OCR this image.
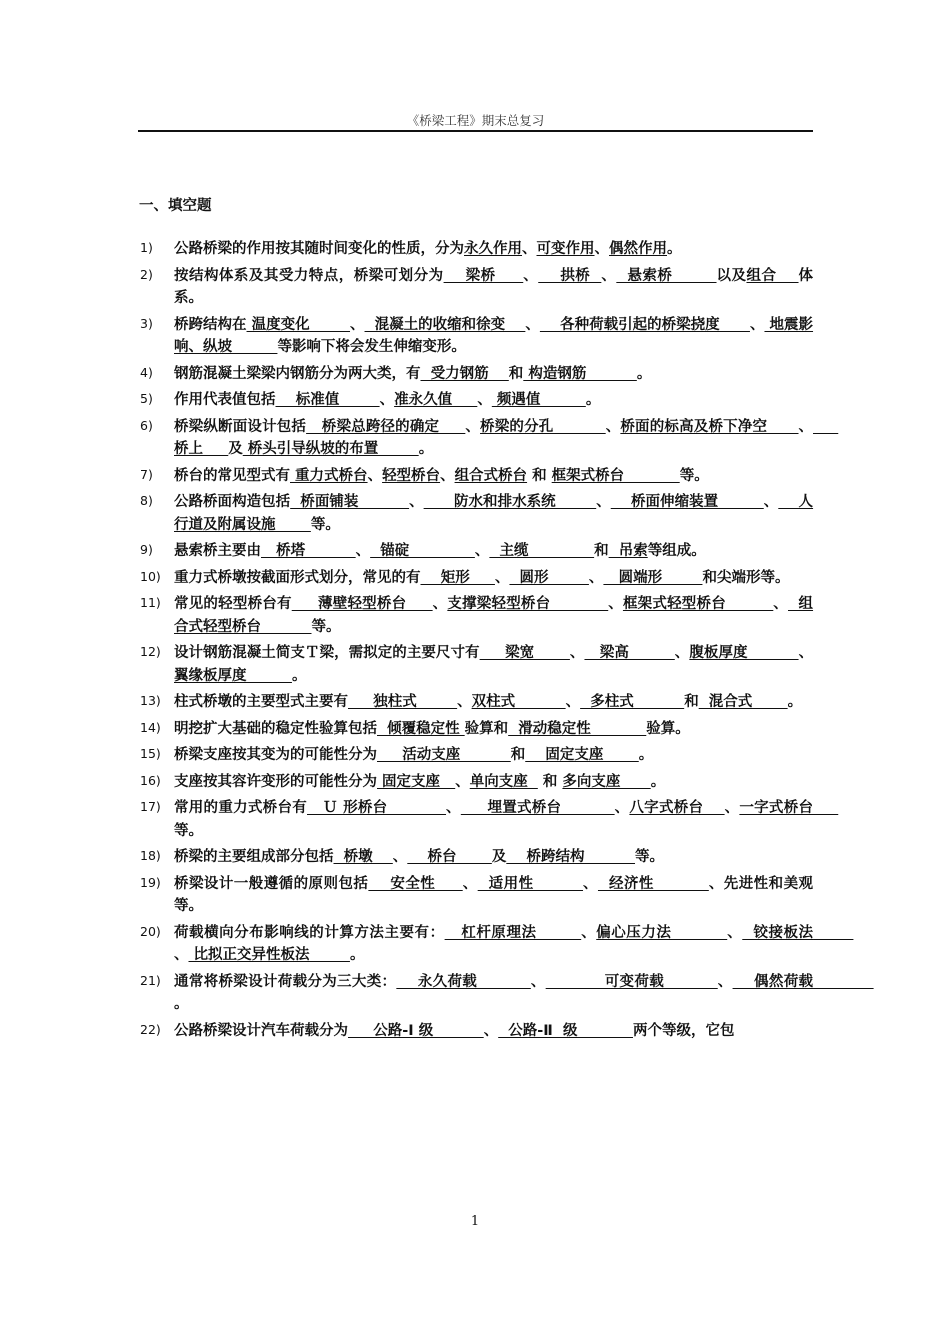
《桥梁工程》期末总复习
一、填空题
1) 公路桥梁的作用按其随时间变化的性质，分为永久作用、可变作用、偶然作用。
2) 按结构体系及其受力特点，桥梁可划分为    梁桥     、    拱桥  、  悬索桥        以及组合    体系。
3) 桥跨结构在 温度变化        、  混凝土的收缩和徐变    、    各种荷载引起的桥梁挠度      、 地震影响、纵坡         等影响下将会发生伸缩变形。
4) 钢筋混凝土梁梁内钢筋分为两大类，有  受力钢筋    和 构造钢筋          。
5) 作用代表值包括    标准值        、准永久值     、 频遇值         。
6) 桥梁纵断面设计包括   桥梁总跨径的确定     、桥梁的分孔          、桥面的标高及桥下净空      、     桥上     及 桥头引导纵坡的布置        。
7) 桥台的常见型式有 重力式桥台、轻型桥台、组合式桥台 和 框架式桥台           等。
8) 公路桥面构造包括  桥面铺装          、      防水和排水系统        、    桥面伸缩装置         、    人行道及附属设施       等。
9) 悬索桥主要由   桥塔          、  锚碇             、  主缆             和  吊索等组成。
10) 重力式桥墩按截面形式划分，常见的有    矩形     、  圆形        、   圆端形        和尖端形等。
11) 常见的轻型桥台有     薄壁轻型桥台     、支撑梁轻型桥台           、框架式轻型桥台         、  组合式轻型桥台          等。
12) 设计钢筋混凝土简支Ｔ梁，需拟定的主要尺寸有     梁宽       、   梁高         、腹板厚度          、翼缘板厚度         。
13) 柱式桥墩的主要型式主要有     独柱式        、双柱式          、  多柱式          和  混合式       。
14) 明挖扩大基础的稳定性验算包括  倾覆稳定性 验算和  滑动稳定性           验算。
15) 桥梁支座按其变为的可能性分为     活动支座          和    固定支座       。
16) 支座按其容许变形的可能性分为 固定支座   、单向支座   和 多向支座      。
17) 常用的重力式桥台有   Ｕ 形桥台           、     埋置式桥台          、八字式桥台    、一字式桥台     等。
18) 桥梁的主要组成部分包括  桥墩    、    桥台       及    桥跨结构          等。
19) 桥梁设计一般遵循的原则包括    安全性     、  适用性         、  经济性          、先进性和美观等。
20) 荷载横向分布影响线的计算方法主要有：   杠杆原理法        、偏心压力法          、  铰接板法        、 比拟正交异性板法        。
21) 通常将桥梁设计荷载分为三大类：    永久荷载          、           可变荷载          、    偶然荷载             。
22) 公路桥梁设计汽车荷载分为     公路-Ⅰ 级          、  公路-Ⅱ  级           两个等级，它包
1
